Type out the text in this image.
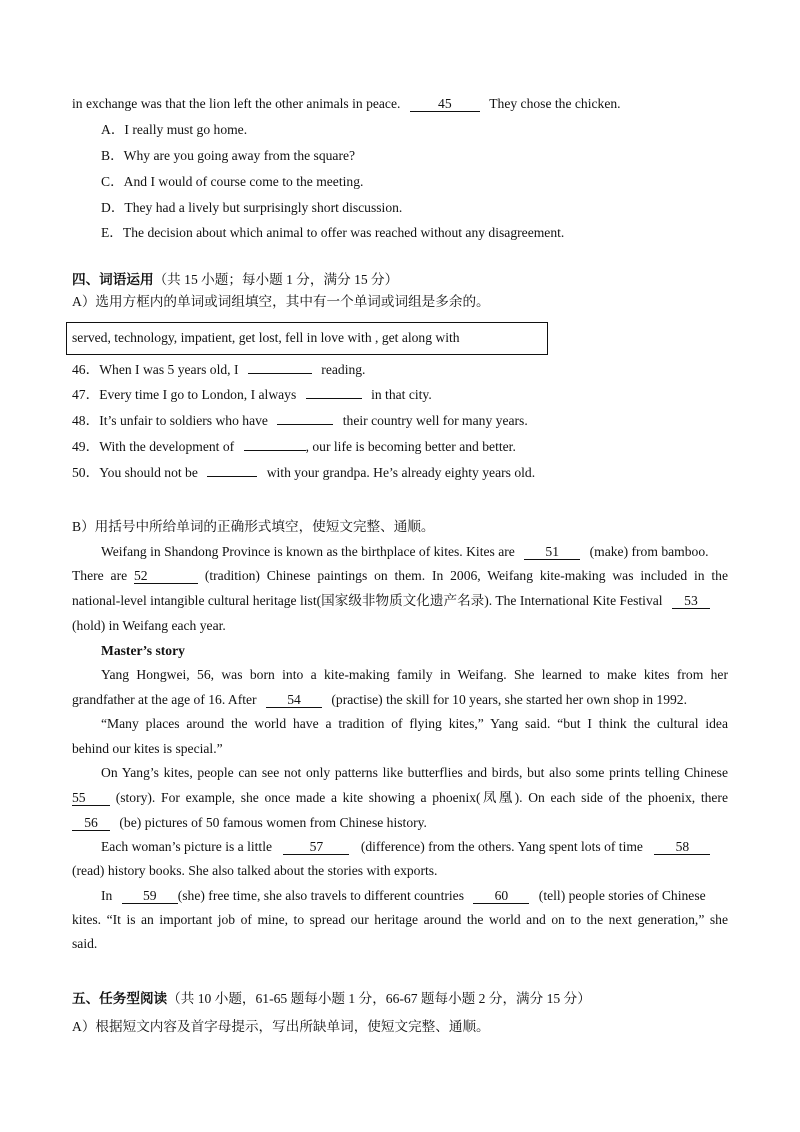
in exchange was that the lion left the other animals in peace.	45	They chose the chicken.
A．I really must go home.
B．Why are you going away from the square?
C．And I would of course come to the meeting.
D．They had a lively but surprisingly short discussion.
E．The decision about which animal to offer was reached without any disagreement.
四、词语运用（共 15 小题；每小题 1 分，满分 15 分）
A）选用方框内的单词或词组填空，其中有一个单词或词组是多余的。
served, technology, impatient, get lost, fell in love with , get along with
46．When I was 5 years old, I	reading.
47．Every time I go to London, I always	in that city.
48．It’s unfair to soldiers who have	their country well for many years.
49．With the development of	, our life is becoming better and better.
50．You should not be	with your grandpa. He’s already eighty years old.
B）用括号中所给单词的正确形式填空，使短文完整、通顺。
Weifang in Shandong Province is known as the birthplace of kites. Kites are 51 (make) from bamboo.
There are 52	(tradition) Chinese paintings on them. In 2006, Weifang kite-making was included in the
national-level intangible cultural heritage list(国家级非物质文化遗产名录). The International Kite Festival 53
(hold) in Weifang each year.
Master’s story
Yang Hongwei, 56, was born into a kite-making family in Weifang. She learned to make kites from her
grandfather at the age of 16. After 54 (practise) the skill for 10 years, she started her own shop in 1992.
“Many places around the world have a tradition of flying kites,” Yang said. “but I think the cultural idea
behind our kites is special.”
On Yang’s kites, people can see not only patterns like butterflies and birds, but also some prints telling Chinese
55 (story). For example, she once made a kite showing a phoenix(凤凰). On each side of the phoenix, there
56 (be) pictures of 50 famous women from Chinese history.
Each woman’s picture is a little	57	(difference) from the others. Yang spent lots of time 58
(read) history books. She also talked about the stories with exports.
In 59 (she) free time, she also travels to different countries 60 (tell) people stories of Chinese
kites. “It is an important job of mine, to spread our heritage around the world and on to the next generation,” she
said.
五、任务型阅读（共 10 小题，61-65 题每小题 1 分，66-67 题每小题 2 分，满分 15 分）
A）根据短文内容及首字母提示，写出所缺单词，使短文完整、通顺。
